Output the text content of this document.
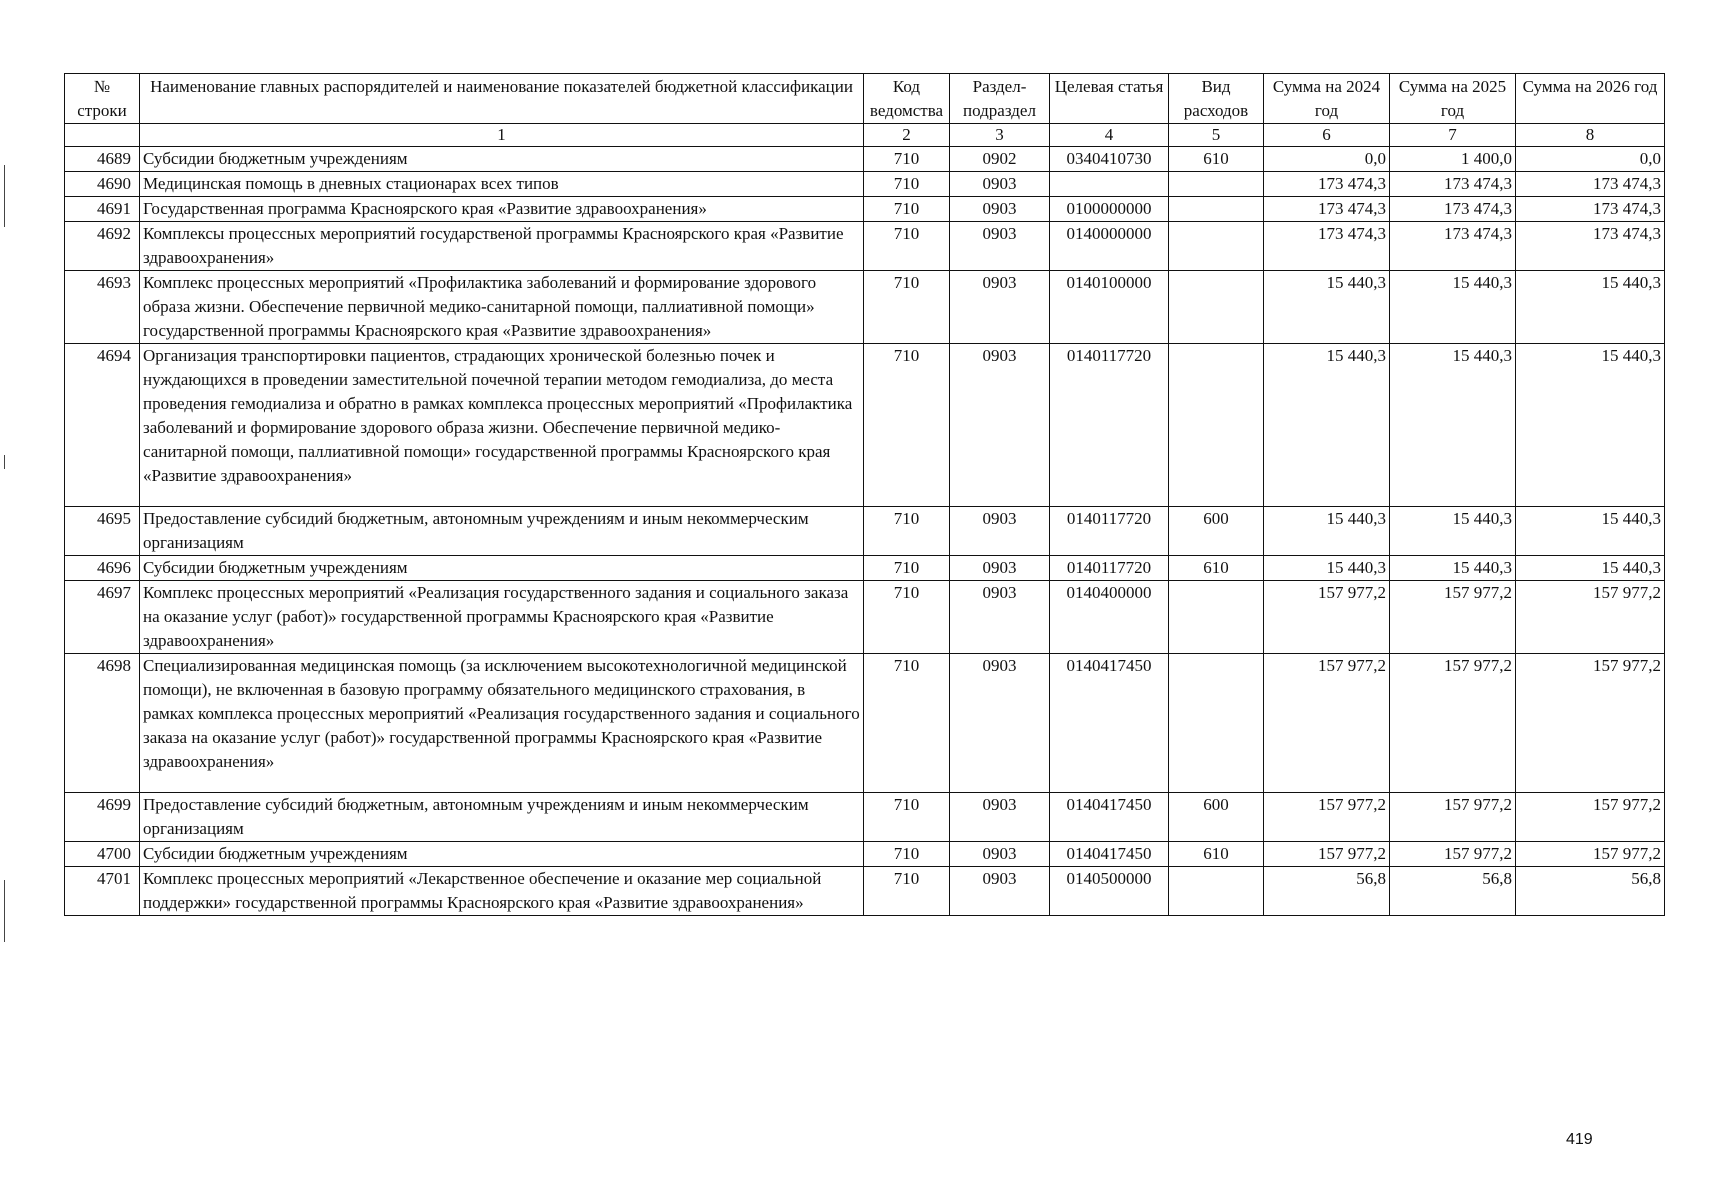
№ строки	Наименование главных распорядителей и наименование показателей бюджетной классификации	Код ведомства	Раздел-подраздел	Целевая статья	Вид расходов	Сумма на 2024 год	Сумма на 2025 год	Сумма на 2026 год
	1	2	3	4	5	6	7	8
4689	Субсидии бюджетным учреждениям	710	0902	0340410730	610	0,0	1 400,0	0,0
4690	Медицинская помощь в дневных стационарах всех типов	710	0903			173 474,3	173 474,3	173 474,3
4691	Государственная программа Красноярского края «Развитие здравоохранения»	710	0903	0100000000		173 474,3	173 474,3	173 474,3
4692	Комплексы процессных мероприятий государственой программы Красноярского края «Развитие здравоохранения»	710	0903	0140000000		173 474,3	173 474,3	173 474,3
4693	Комплекс процессных мероприятий «Профилактика заболеваний и формирование здорового образа жизни. Обеспечение первичной медико-санитарной помощи, паллиативной помощи» государственной программы Красноярского края «Развитие здравоохранения»	710	0903	0140100000		15 440,3	15 440,3	15 440,3
4694	Организация транспортировки пациентов, страдающих хронической болезнью почек и нуждающихся в проведении заместительной почечной терапии методом гемодиализа, до места проведения гемодиализа и обратно в рамках комплекса процессных мероприятий «Профилактика заболеваний и формирование здорового образа жизни. Обеспечение первичной медико-санитарной помощи, паллиативной помощи» государственной программы Красноярского края «Развитие здравоохранения»	710	0903	0140117720		15 440,3	15 440,3	15 440,3
4695	Предоставление субсидий бюджетным, автономным учреждениям и иным некоммерческим организациям	710	0903	0140117720	600	15 440,3	15 440,3	15 440,3
4696	Субсидии бюджетным учреждениям	710	0903	0140117720	610	15 440,3	15 440,3	15 440,3
4697	Комплекс процессных мероприятий «Реализация государственного задания и социального заказа на оказание услуг (работ)» государственной программы Красноярского края «Развитие здравоохранения»	710	0903	0140400000		157 977,2	157 977,2	157 977,2
4698	Специализированная медицинская помощь (за исключением высокотехнологичной медицинской помощи), не включенная в базовую программу обязательного медицинского страхования, в рамках комплекса процессных мероприятий «Реализация государственного задания и социального заказа на оказание услуг (работ)» государственной программы Красноярского края «Развитие здравоохранения»	710	0903	0140417450		157 977,2	157 977,2	157 977,2
4699	Предоставление субсидий бюджетным, автономным учреждениям и иным некоммерческим организациям	710	0903	0140417450	600	157 977,2	157 977,2	157 977,2
4700	Субсидии бюджетным учреждениям	710	0903	0140417450	610	157 977,2	157 977,2	157 977,2
4701	Комплекс процессных мероприятий «Лекарственное обеспечение и оказание мер социальной поддержки» государственной программы Красноярского края «Развитие здравоохранения»	710	0903	0140500000		56,8	56,8	56,8
419
